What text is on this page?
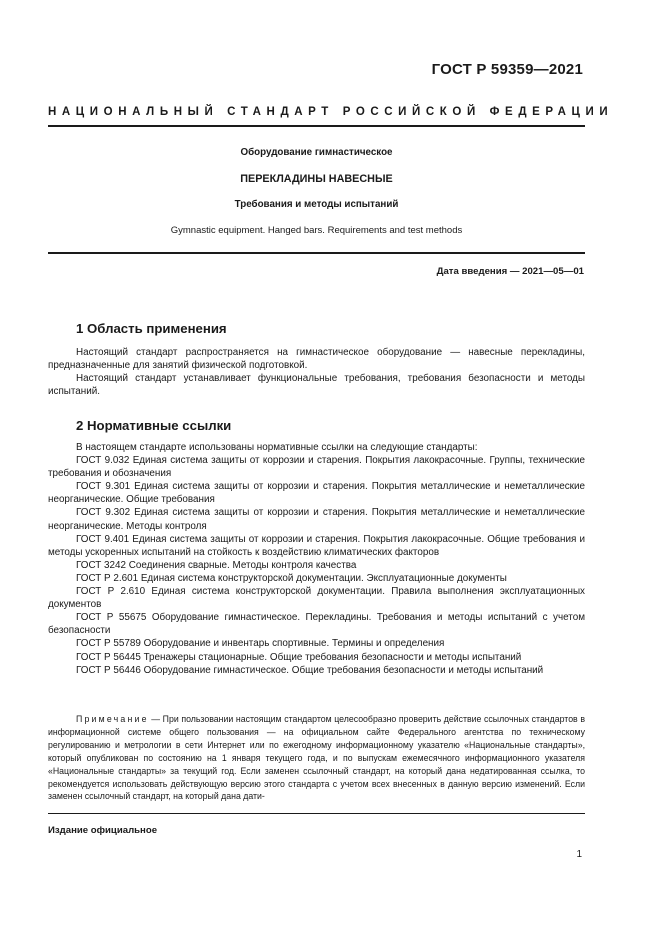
ГОСТ Р 59359—2021
НАЦИОНАЛЬНЫЙ СТАНДАРТ РОССИЙСКОЙ ФЕДЕРАЦИИ
Оборудование гимнастическое
ПЕРЕКЛАДИНЫ НАВЕСНЫЕ
Требования и методы испытаний
Gymnastic equipment. Hanged bars. Requirements and test methods
Дата введения — 2021—05—01
1 Область применения

Настоящий стандарт распространяется на гимнастическое оборудование — навесные перекладины, предназначенные для занятий физической подготовкой.

Настоящий стандарт устанавливает функциональные требования, требования безопасности и методы испытаний.

2 Нормативные ссылки

В настоящем стандарте использованы нормативные ссылки на следующие стандарты:

ГОСТ 9.032 Единая система защиты от коррозии и старения. Покрытия лакокрасочные. Группы, технические требования и обозначения

ГОСТ 9.301 Единая система защиты от коррозии и старения. Покрытия металлические и неметаллические неорганические. Общие требования

ГОСТ 9.302 Единая система защиты от коррозии и старения. Покрытия металлические и неметаллические неорганические. Методы контроля

ГОСТ 9.401 Единая система защиты от коррозии и старения. Покрытия лакокрасочные. Общие требования и методы ускоренных испытаний на стойкость к воздействию климатических факторов

ГОСТ 3242 Соединения сварные. Методы контроля качества

ГОСТ Р 2.601 Единая система конструкторской документации. Эксплуатационные документы

ГОСТ Р 2.610 Единая система конструкторской документации. Правила выполнения эксплуатационных документов

ГОСТ Р 55675 Оборудование гимнастическое. Перекладины. Требования и методы испытаний с учетом безопасности

ГОСТ Р 55789 Оборудование и инвентарь спортивные. Термины и определения

ГОСТ Р 56445 Тренажеры стационарные. Общие требования безопасности и методы испытаний

ГОСТ Р 56446 Оборудование гимнастическое. Общие требования безопасности и методы испытаний

Примечание — При пользовании настоящим стандартом целесообразно проверить действие ссылочных стандартов в информационной системе общего пользования — на официальном сайте Федерального агентства по техническому регулированию и метрологии в сети Интернет или по ежегодному информационному указателю «Национальные стандарты», который опубликован по состоянию на 1 января текущего года, и по выпускам ежемесячного информационного указателя «Национальные стандарты» за текущий год. Если заменен ссылочный стандарт, на который дана недатированная ссылка, то рекомендуется использовать действующую версию этого стандарта с учетом всех внесенных в данную версию изменений. Если заменен ссылочный стандарт, на который дана дати-

Издание официальное
1
